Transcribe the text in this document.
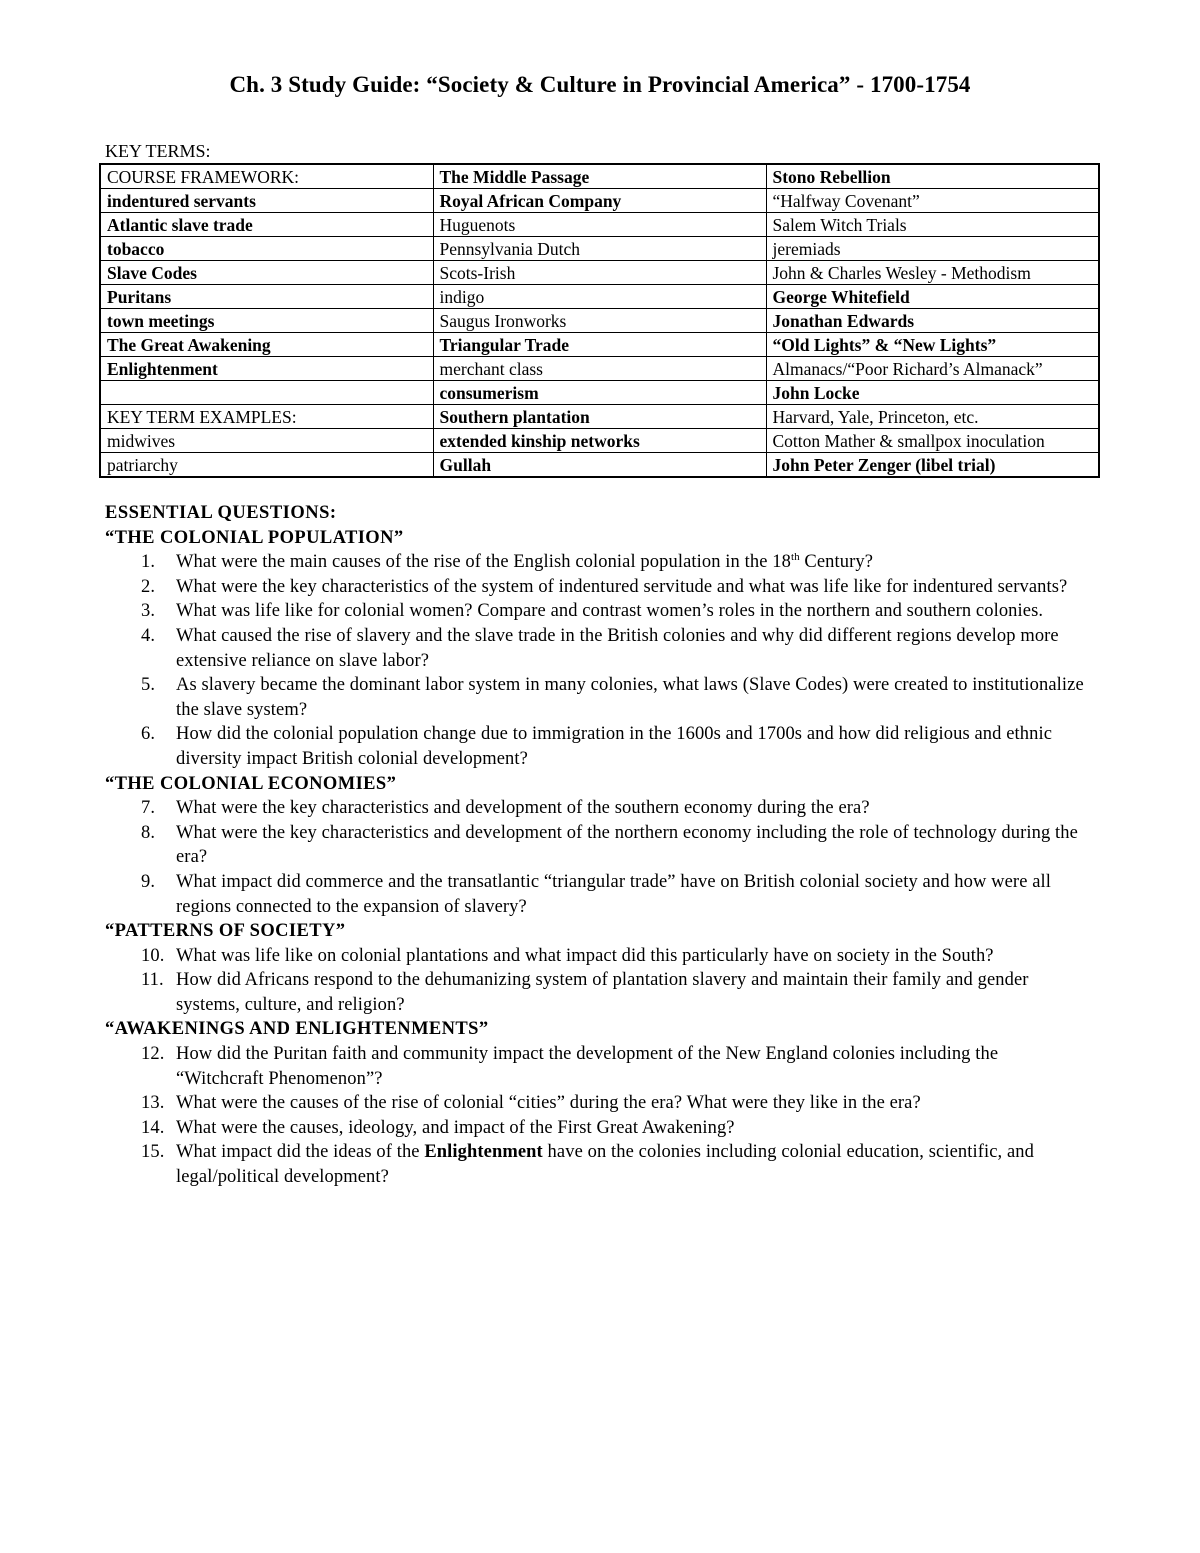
Ch. 3 Study Guide: “Society & Culture in Provincial America” - 1700-1754
KEY TERMS:
COURSE FRAMEWORK:	The Middle Passage	Stono Rebellion
indentured servants	Royal African Company	“Halfway Covenant”
Atlantic slave trade	Huguenots	Salem Witch Trials
tobacco	Pennsylvania Dutch	jeremiads
Slave Codes	Scots-Irish	John & Charles Wesley - Methodism
Puritans	indigo	George Whitefield
town meetings	Saugus Ironworks	Jonathan Edwards
The Great Awakening	Triangular Trade	“Old Lights” & “New Lights”
Enlightenment	merchant class	Almanacs/“Poor Richard’s Almanack”
	consumerism	John Locke
KEY TERM EXAMPLES:	Southern plantation	Harvard, Yale, Princeton, etc.
midwives	extended kinship networks	Cotton Mather & smallpox inoculation
patriarchy	Gullah	John Peter Zenger (libel trial)
ESSENTIAL QUESTIONS:
“THE COLONIAL POPULATION”
1. What were the main causes of the rise of the English colonial population in the 18th Century?
2. What were the key characteristics of the system of indentured servitude and what was life like for indentured servants?
3. What was life like for colonial women? Compare and contrast women’s roles in the northern and southern colonies.
4. What caused the rise of slavery and the slave trade in the British colonies and why did different regions develop more extensive reliance on slave labor?
5. As slavery became the dominant labor system in many colonies, what laws (Slave Codes) were created to institutionalize the slave system?
6. How did the colonial population change due to immigration in the 1600s and 1700s and how did religious and ethnic diversity impact British colonial development?
“THE COLONIAL ECONOMIES”
7. What were the key characteristics and development of the southern economy during the era?
8. What were the key characteristics and development of the northern economy including the role of technology during the era?
9. What impact did commerce and the transatlantic “triangular trade” have on British colonial society and how were all regions connected to the expansion of slavery?
“PATTERNS OF SOCIETY”
10. What was life like on colonial plantations and what impact did this particularly have on society in the South?
11. How did Africans respond to the dehumanizing system of plantation slavery and maintain their family and gender systems, culture, and religion?
“AWAKENINGS AND ENLIGHTENMENTS”
12. How did the Puritan faith and community impact the development of the New England colonies including the “Witchcraft Phenomenon”?
13. What were the causes of the rise of colonial “cities” during the era? What were they like in the era?
14. What were the causes, ideology, and impact of the First Great Awakening?
15. What impact did the ideas of the Enlightenment have on the colonies including colonial education, scientific, and legal/political development?
